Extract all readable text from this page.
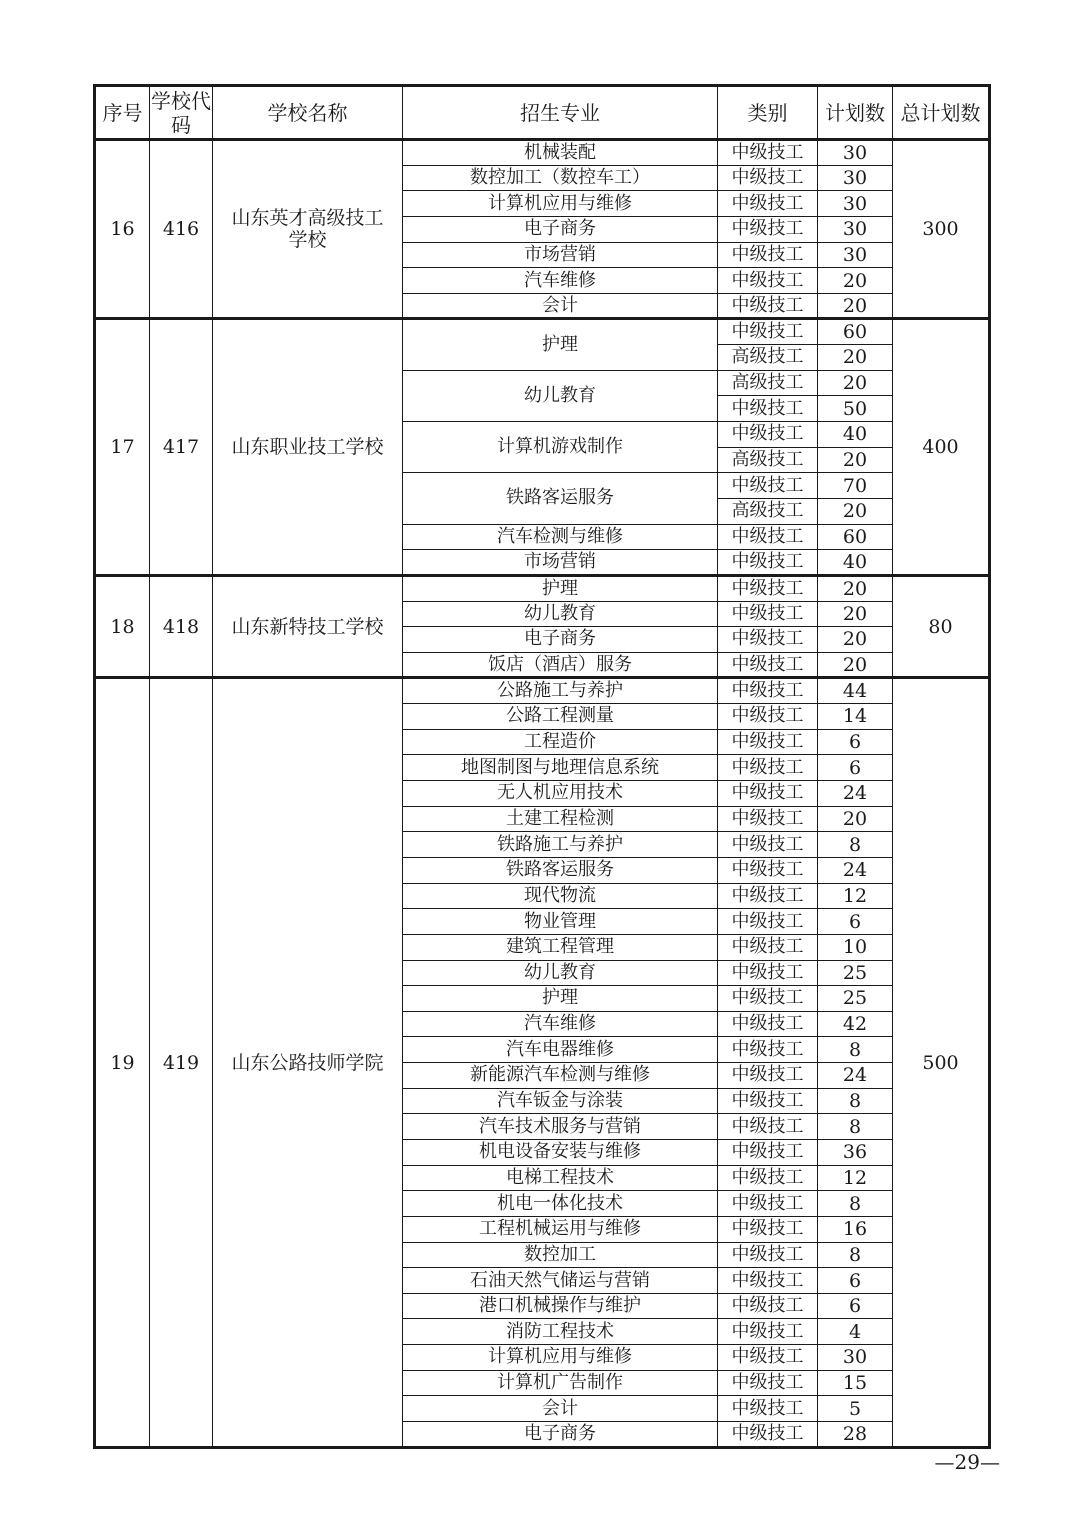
序号	学校代码	学校名称	招生专业	类别	计划数	总计划数
16	416	山东英才高级技工学校	机械装配	中级技工	30	300
			数控加工（数控车工）	中级技工	30	
			计算机应用与维修	中级技工	30	
			电子商务	中级技工	30	
			市场营销	中级技工	30	
			汽车维修	中级技工	20	
			会计	中级技工	20	
17	417	山东职业技工学校	护理	中级技工	60	400
				高级技工	20	
			幼儿教育	高级技工	20	
				中级技工	50	
			计算机游戏制作	中级技工	40	
				高级技工	20	
			铁路客运服务	中级技工	70	
				高级技工	20	
			汽车检测与维修	中级技工	60	
			市场营销	中级技工	40	
18	418	山东新特技工学校	护理	中级技工	20	80
			幼儿教育	中级技工	20	
			电子商务	中级技工	20	
			饭店（酒店）服务	中级技工	20	
19	419	山东公路技师学院	公路施工与养护	中级技工	44	500
			公路工程测量	中级技工	14	
			工程造价	中级技工	6	
			地图制图与地理信息系统	中级技工	6	
			无人机应用技术	中级技工	24	
			土建工程检测	中级技工	20	
			铁路施工与养护	中级技工	8	
			铁路客运服务	中级技工	24	
			现代物流	中级技工	12	
			物业管理	中级技工	6	
			建筑工程管理	中级技工	10	
			幼儿教育	中级技工	25	
			护理	中级技工	25	
			汽车维修	中级技工	42	
			汽车电器维修	中级技工	8	
			新能源汽车检测与维修	中级技工	24	
			汽车钣金与涂装	中级技工	8	
			汽车技术服务与营销	中级技工	8	
			机电设备安装与维修	中级技工	36	
			电梯工程技术	中级技工	12	
			机电一体化技术	中级技工	8	
			工程机械运用与维修	中级技工	16	
			数控加工	中级技工	8	
			石油天然气储运与营销	中级技工	6	
			港口机械操作与维护	中级技工	6	
			消防工程技术	中级技工	4	
			计算机应用与维修	中级技工	30	
			计算机广告制作	中级技工	15	
			会计	中级技工	5	
			电子商务	中级技工	28	
—29—
